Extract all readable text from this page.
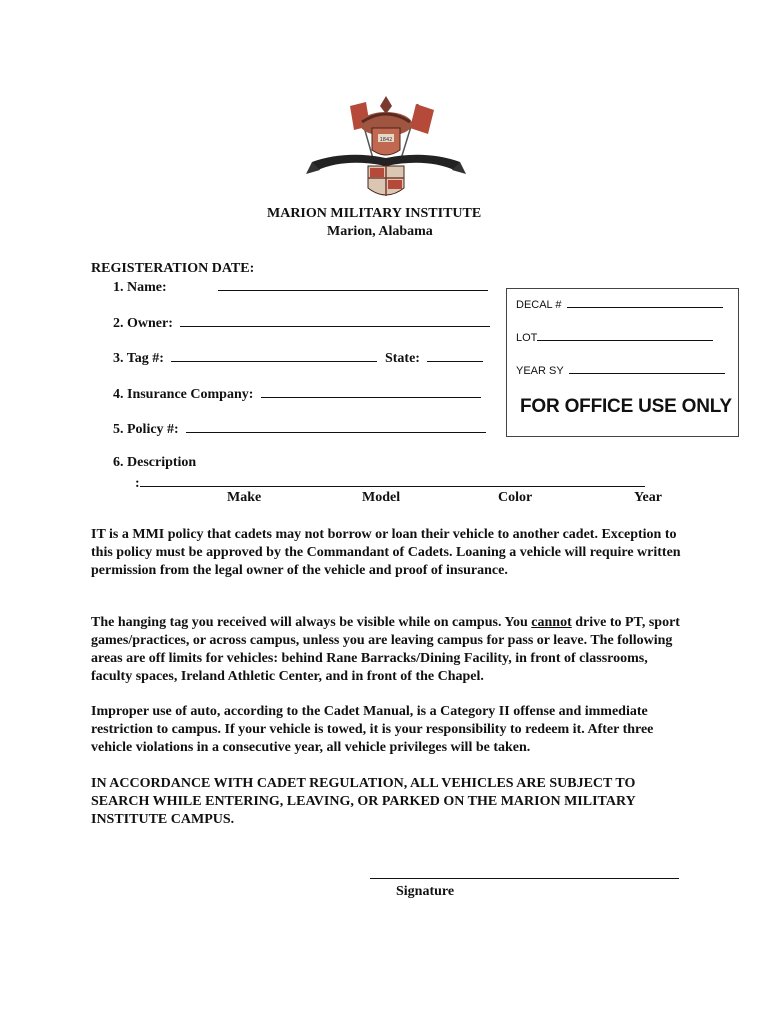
1842
MARION MILITARY INSTITUTE
Marion, Alabama
REGISTERATION DATE:
1. Name:
2. Owner:
3. Tag #:	State:
4. Insurance Company:
5. Policy #:
6. Description
:
Make	Model	Color	Year
DECAL #
LOT
YEAR SY
FOR OFFICE USE ONLY
IT is a MMI policy that cadets may not borrow or loan their vehicle to another cadet. Exception to this policy must be approved by the Commandant of Cadets. Loaning a vehicle will require written permission from the legal owner of the vehicle and proof of insurance.
The hanging tag you received will always be visible while on campus. You cannot drive to PT, sport games/practices, or across campus, unless you are leaving campus for pass or leave. The following areas are off limits for vehicles: behind Rane Barracks/Dining Facility, in front of classrooms, faculty spaces, Ireland Athletic Center, and in front of the Chapel.
Improper use of auto, according to the Cadet Manual, is a Category II offense and immediate restriction to campus. If your vehicle is towed, it is your responsibility to redeem it. After three vehicle violations in a consecutive year, all vehicle privileges will be taken.
IN ACCORDANCE WITH CADET REGULATION, ALL VEHICLES ARE SUBJECT TO SEARCH WHILE ENTERING, LEAVING, OR PARKED ON THE MARION MILITARY INSTITUTE CAMPUS.
Signature
